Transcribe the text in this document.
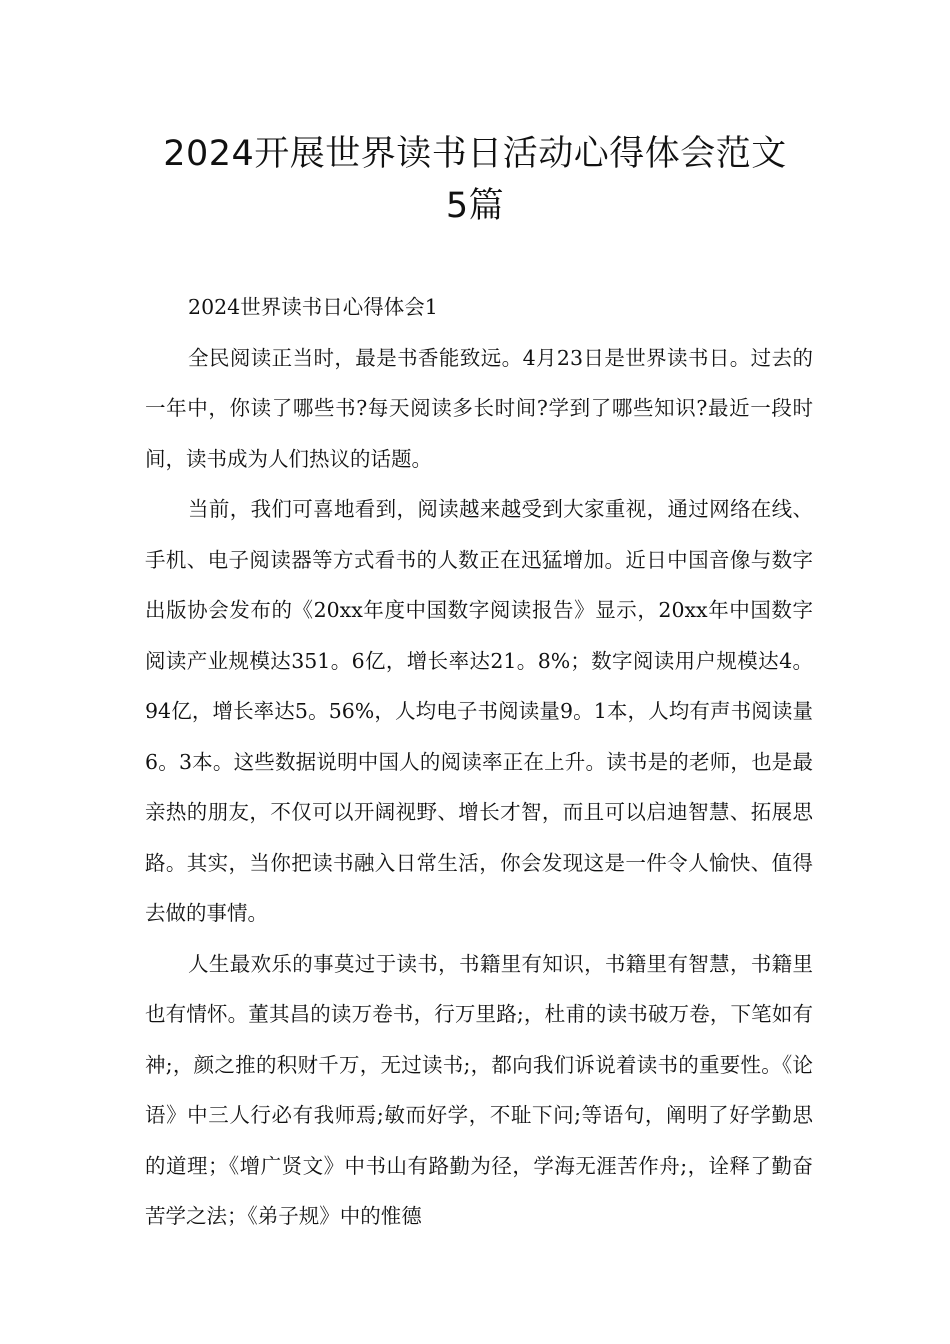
2024开展世界读书日活动心得体会范文
5篇

2024世界读书日心得体会1

全民阅读正当时，最是书香能致远。4月23日是世界读书日。过去的一年中，你读了哪些书?每天阅读多长时间?学到了哪些知识?最近一段时间，读书成为人们热议的话题。

当前，我们可喜地看到，阅读越来越受到大家重视，通过网络在线、手机、电子阅读器等方式看书的人数正在迅猛增加。近日中国音像与数字出版协会发布的《20xx年度中国数字阅读报告》显示，20xx年中国数字阅读产业规模达351。6亿，增长率达21。8%；数字阅读用户规模达4。94亿，增长率达5。56%，人均电子书阅读量9。1本，人均有声书阅读量6。3本。这些数据说明中国人的阅读率正在上升。读书是的老师，也是最亲热的朋友，不仅可以开阔视野、增长才智，而且可以启迪智慧、拓展思路。其实，当你把读书融入日常生活，你会发现这是一件令人愉快、值得去做的事情。

人生最欢乐的事莫过于读书，书籍里有知识，书籍里有智慧，书籍里也有情怀。董其昌的读万卷书，行万里路;，杜甫的读书破万卷，下笔如有神;，颜之推的积财千万，无过读书;，都向我们诉说着读书的重要性。《论语》中三人行必有我师焉;敏而好学，不耻下问;等语句，阐明了好学勤思的道理；《增广贤文》中书山有路勤为径，学海无涯苦作舟;，诠释了勤奋苦学之法；《弟子规》中的惟德
